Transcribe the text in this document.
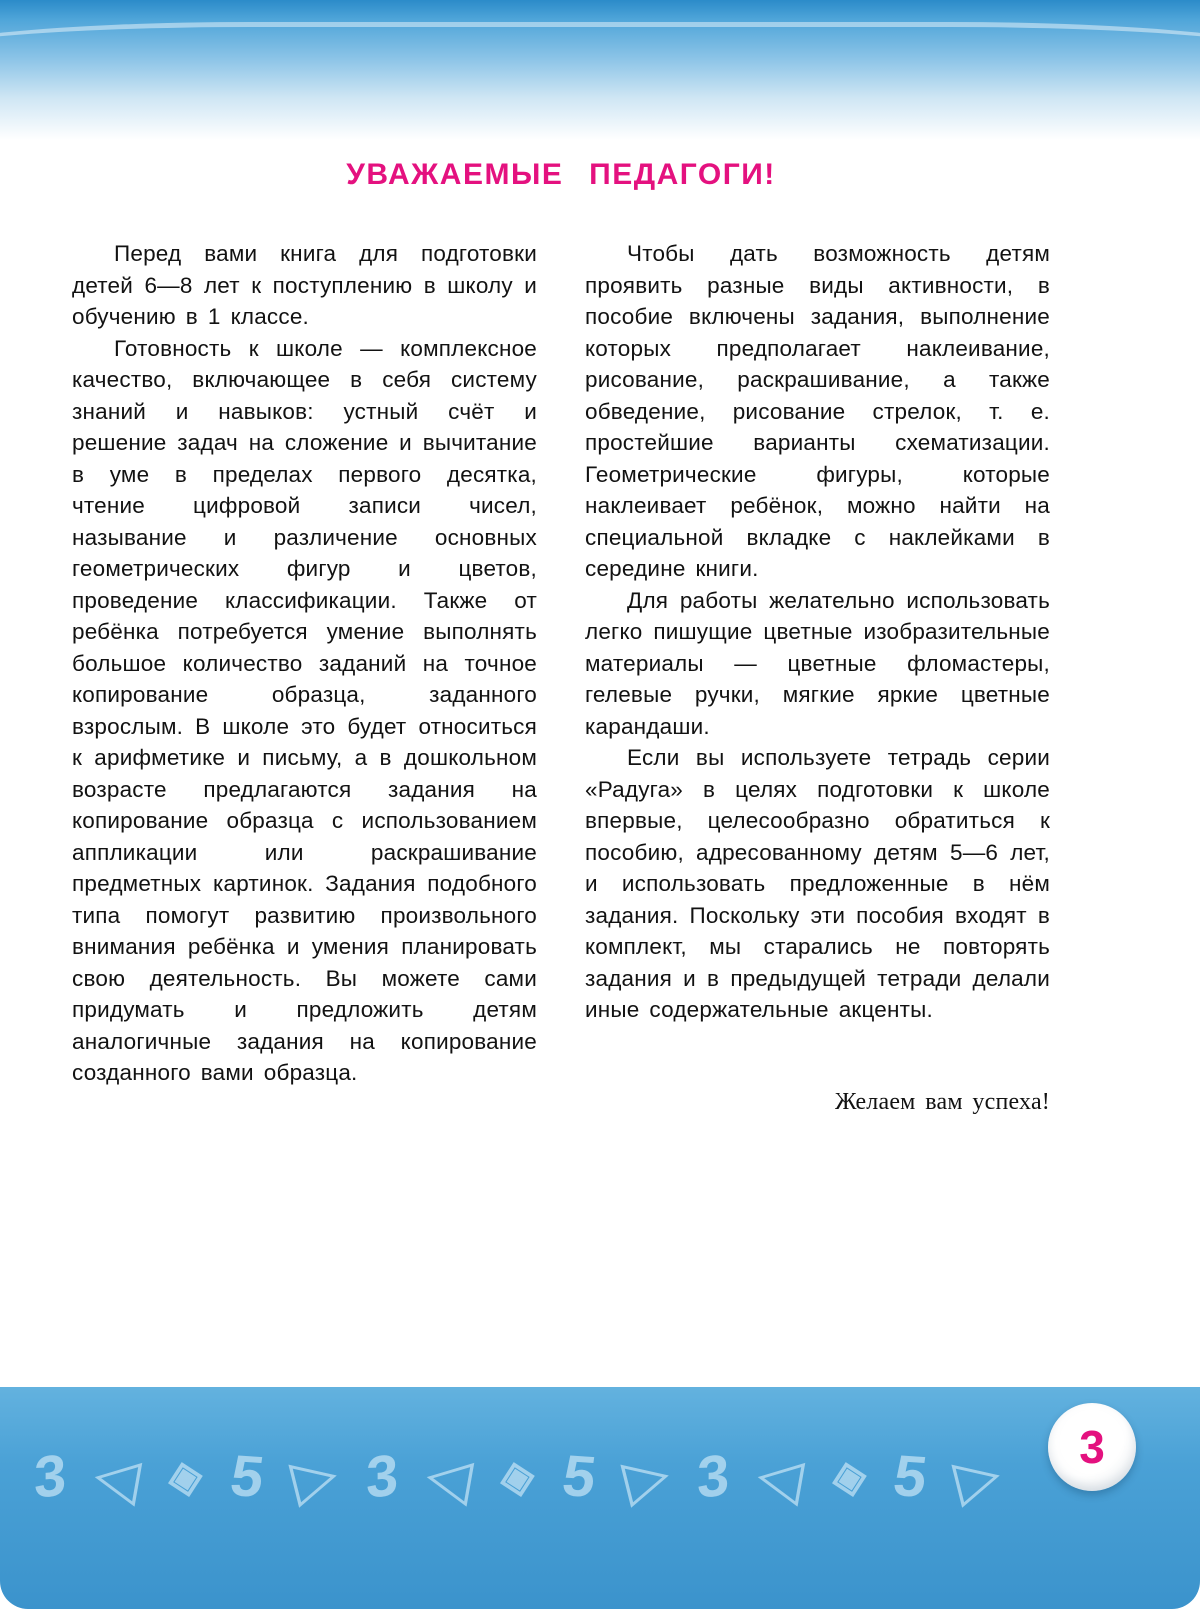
УВАЖАЕМЫЕ ПЕДАГОГИ!

Перед вами книга для подготовки детей 6—8 лет к поступлению в школу и обучению в 1 классе.

Готовность к школе — комплексное качество, включающее в себя систему знаний и навыков: устный счёт и решение задач на сложение и вычитание в уме в пределах первого десятка, чтение цифровой записи чисел, называние и различение основных геометрических фигур и цветов, проведение классификации. Также от ребёнка потребуется умение выполнять большое количество заданий на точное копирование образца, заданного взрослым. В школе это будет относиться к арифметике и письму, а в дошкольном возрасте предлагаются задания на копирование образца с использованием аппликации или раскрашивание предметных картинок. Задания подобного типа помогут развитию произвольного внимания ребёнка и умения планировать свою деятельность. Вы можете сами придумать и предложить детям аналогичные задания на копирование созданного вами образца.

Чтобы дать возможность детям проявить разные виды активности, в пособие включены задания, выполнение которых предполагает наклеивание, рисование, раскрашивание, а также обведение, рисование стрелок, т. е. простейшие варианты схематизации. Геометрические фигуры, которые наклеивает ребёнок, можно найти на специальной вкладке с наклейками в середине книги.

Для работы желательно использовать легко пишущие цветные изобразительные материалы — цветные фломастеры, гелевые ручки, мягкие яркие цветные карандаши.

Если вы используете тетрадь серии «Радуга» в целях подготовки к школе впервые, целесообразно обратиться к пособию, адресованному детям 5—6 лет, и использовать предложенные в нём задания. Поскольку эти пособия входят в комплект, мы старались не повторять задания и в предыдущей тетради делали иные содержательные акценты.

Желаем вам успеха!

3 ◁ ◈ 5 ▷ 3 ◁ ◈ 5 ▷ 3 ◁ ◈ 5 ▷ 3
